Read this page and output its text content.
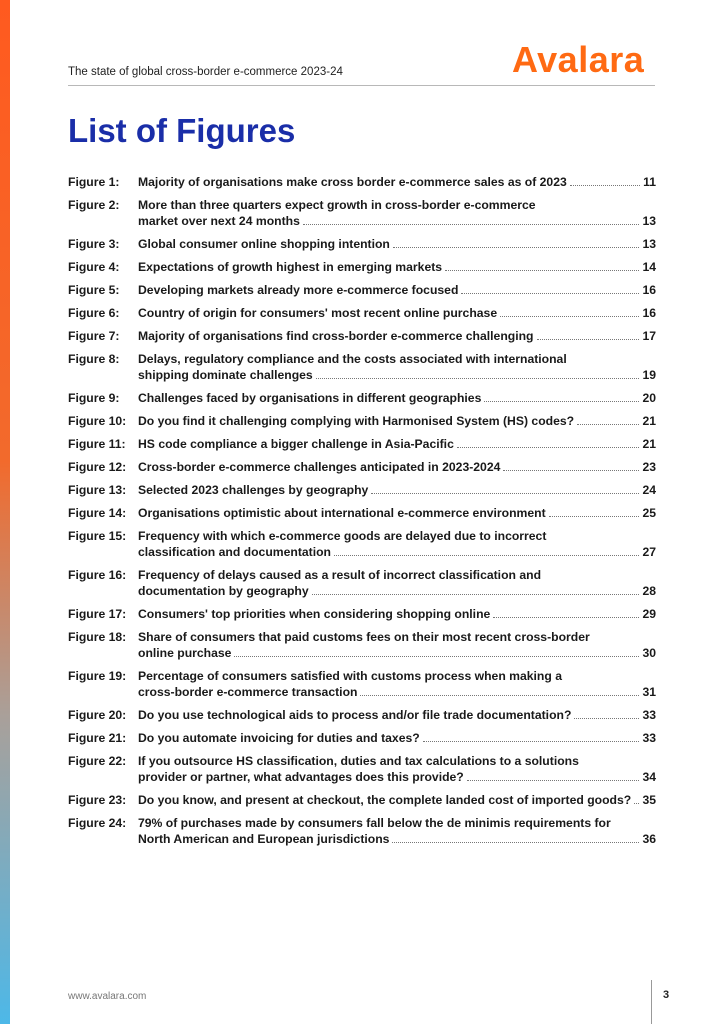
The state of global cross-border e-commerce 2023-24	Avalara
List of Figures
Figure 1:	Majority of organisations make cross border e-commerce sales as of 2023	11
Figure 2:	More than three quarters expect growth in cross-border e-commerce
market over next 24 months	13
Figure 3:	Global consumer online shopping intention	13
Figure 4:	Expectations of growth highest in emerging markets	14
Figure 5:	Developing markets already more e-commerce focused	16
Figure 6:	Country of origin for consumers' most recent online purchase	16
Figure 7:	Majority of organisations find cross-border e-commerce challenging	17
Figure 8:	Delays, regulatory compliance and the costs associated with international
shipping dominate challenges	19
Figure 9:	Challenges faced by organisations in different geographies	20
Figure 10: Do you find it challenging complying with Harmonised System (HS) codes?	21
Figure 11:	HS code compliance a bigger challenge in Asia-Pacific	21
Figure 12: Cross-border e-commerce challenges anticipated in 2023-2024	23
Figure 13: Selected 2023 challenges by geography	24
Figure 14: Organisations optimistic about international e-commerce environment	25
Figure 15: Frequency with which e-commerce goods are delayed due to incorrect
classification and documentation	27
Figure 16: Frequency of delays caused as a result of incorrect classification and
documentation by geography	28
Figure 17: Consumers' top priorities when considering shopping online	29
Figure 18: Share of consumers that paid customs fees on their most recent cross-border
online purchase	30
Figure 19: Percentage of consumers satisfied with customs process when making a
cross-border e-commerce transaction	31
Figure 20: Do you use technological aids to process and/or file trade documentation?	33
Figure 21: Do you automate invoicing for duties and taxes?	33
Figure 22: If you outsource HS classification, duties and tax calculations to a solutions
provider or partner, what advantages does this provide?	34
Figure 23: Do you know, and present at checkout, the complete landed cost of imported goods? 35
Figure 24: 79% of purchases made by consumers fall below the de minimis requirements for
North American and European jurisdictions	36
www.avalara.com	3
